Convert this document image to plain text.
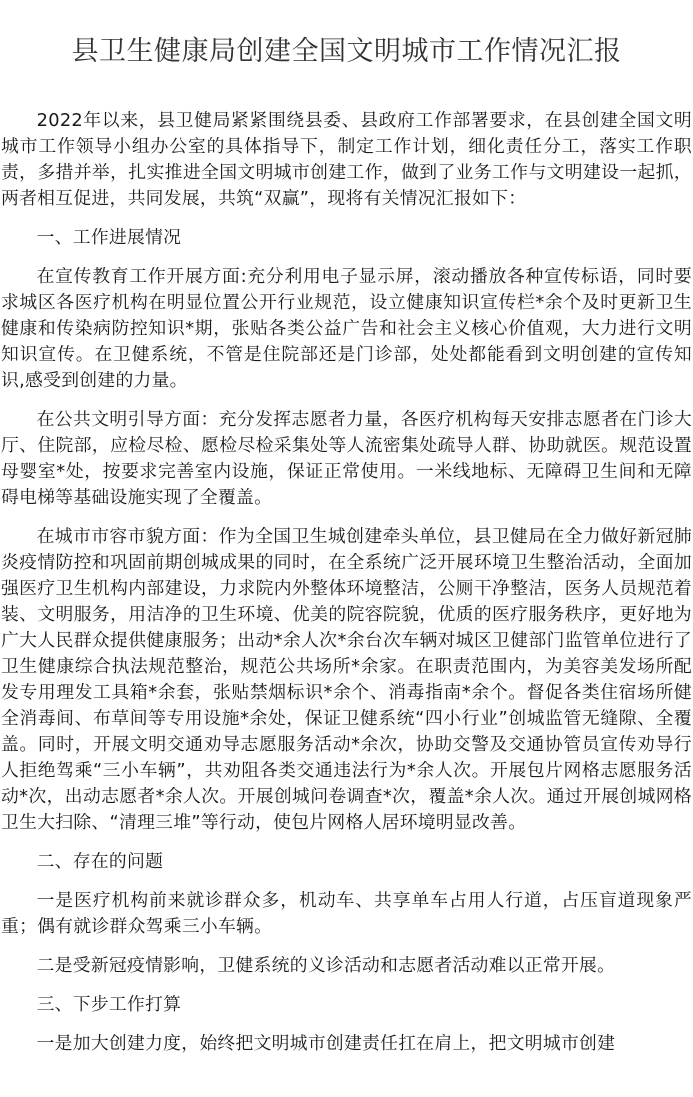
县卫生健康局创建全国文明城市工作情况汇报

2022年以来，县卫健局紧紧围绕县委、县政府工作部署要求，在县创建全国文明城市工作领导小组办公室的具体指导下，制定工作计划，细化责任分工，落实工作职责，多措并举，扎实推进全国文明城市创建工作，做到了业务工作与文明建设一起抓，两者相互促进，共同发展，共筑“双赢”，现将有关情况汇报如下：

一、工作进展情况

在宣传教育工作开展方面:充分利用电子显示屏，滚动播放各种宣传标语，同时要求城区各医疗机构在明显位置公开行业规范，设立健康知识宣传栏*余个及时更新卫生健康和传染病防控知识*期，张贴各类公益广告和社会主义核心价值观，大力进行文明知识宣传。在卫健系统，不管是住院部还是门诊部，处处都能看到文明创建的宣传知识,感受到创建的力量。

在公共文明引导方面：充分发挥志愿者力量，各医疗机构每天安排志愿者在门诊大厅、住院部，应检尽检、愿检尽检采集处等人流密集处疏导人群、协助就医。规范设置母婴室*处，按要求完善室内设施，保证正常使用。一米线地标、无障碍卫生间和无障碍电梯等基础设施实现了全覆盖。

在城市市容市貌方面：作为全国卫生城创建牵头单位，县卫健局在全力做好新冠肺炎疫情防控和巩固前期创城成果的同时，在全系统广泛开展环境卫生整治活动，全面加强医疗卫生机构内部建设，力求院内外整体环境整洁，公厕干净整洁，医务人员规范着装、文明服务，用洁净的卫生环境、优美的院容院貌，优质的医疗服务秩序，更好地为广大人民群众提供健康服务；出动*余人次*余台次车辆对城区卫健部门监管单位进行了卫生健康综合执法规范整治，规范公共场所*余家。在职责范围内，为美容美发场所配发专用理发工具箱*余套，张贴禁烟标识*余个、消毒指南*余个。督促各类住宿场所健全消毒间、布草间等专用设施*余处，保证卫健系统“四小行业”创城监管无缝隙、全覆盖。同时，开展文明交通劝导志愿服务活动*余次，协助交警及交通协管员宣传劝导行人拒绝驾乘“三小车辆”，共劝阻各类交通违法行为*余人次。开展包片网格志愿服务活动*次，出动志愿者*余人次。开展创城问卷调查*次，覆盖*余人次。通过开展创城网格卫生大扫除、“清理三堆”等行动，使包片网格人居环境明显改善。

二、存在的问题

一是医疗机构前来就诊群众多，机动车、共享单车占用人行道，占压盲道现象严重；偶有就诊群众驾乘三小车辆。

二是受新冠疫情影响，卫健系统的义诊活动和志愿者活动难以正常开展。

三、下步工作打算

一是加大创建力度，始终把文明城市创建责任扛在肩上，把文明城市创建
